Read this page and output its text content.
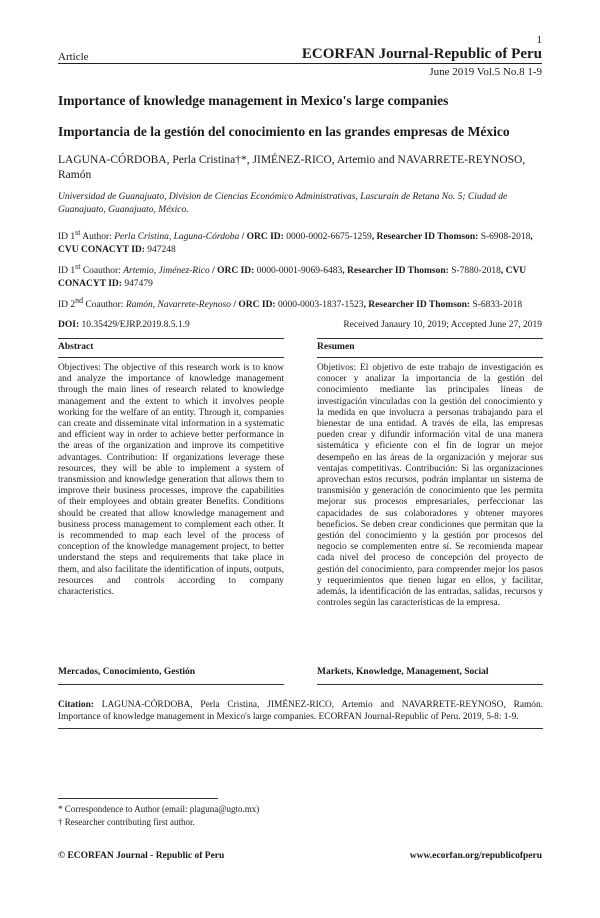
1
Article	ECORFAN Journal-Republic of Peru
June 2019 Vol.5 No.8 1-9
Importance of knowledge management in Mexico's large companies
Importancia de la gestión del conocimiento en las grandes empresas de México
LAGUNA-CÓRDOBA, Perla Cristina†*, JIMÉNEZ-RICO, Artemio and NAVARRETE-REYNOSO, Ramón
Universidad de Guanajuato, Division de Ciencias Económico Administrativas, Lascuraín de Retana No. 5; Ciudad de Guanajuato, Guanajuato, México.
ID 1st Author: Perla Cristina, Laguna-Córdoba / ORC ID: 0000-0002-6675-1259, Researcher ID Thomson: S-6908-2018, CVU CONACYT ID: 947248
ID 1st Coauthor: Artemio, Jiménez-Rico / ORC ID: 0000-0001-9069-6483, Researcher ID Thomson: S-7880-2018, CVU CONACYT ID: 947479
ID 2nd Coauthor: Ramón, Navarrete-Reynoso / ORC ID: 0000-0003-1837-1523, Researcher ID Thomson: S-6833-2018
DOI: 10.35429/EJRP.2019.8.5.1.9	Received Janaury 10, 2019; Accepted June 27, 2019
Abstract	Resumen
Objectives: The objective of this research work is to know and analyze the importance of knowledge management through the main lines of research related to knowledge management and the extent to which it involves people working for the welfare of an entity. Through it, companies can create and disseminate vital information in a systematic and efficient way in order to achieve better performance in the areas of the organization and improve its competitive advantages. Contribution: If organizations leverage these resources, they will be able to implement a system of transmission and knowledge generation that allows them to improve their business processes, improve the capabilities of their employees and obtain greater Benefits. Conditions should be created that allow knowledge management and business process management to complement each other. It is recommended to map each level of the process of conception of the knowledge management project, to better understand the steps and requirements that take place in them, and also facilitate the identification of inputs, outputs, resources and controls according to company characteristics.
Objetivos: El objetivo de este trabajo de investigación es conocer y analizar la importancia de la gestión del conocimiento mediante las principales líneas de investigación vinculadas con la gestión del conocimiento y la medida en que involucra a personas trabajando para el bienestar de una entidad. A través de ella, las empresas pueden crear y difundir información vital de una manera sistemática y eficiente con el fin de lograr un mejor desempeño en las áreas de la organización y mejorar sus ventajas competitivas. Contribución: Si las organizaciones aprovechan estos recursos, podrán implantar un sistema de transmisión y generación de conocimiento que les permita mejorar sus procesos empresariales, perfeccionar las capacidades de sus colaboradores y obtener mayores beneficios. Se deben crear condiciones que permitan que la gestión del conocimiento y la gestión por procesos del negocio se complementen entre sí. Se recomienda mapear cada nivel del proceso de concepción del proyecto de gestión del conocimiento, para comprender mejor los pasos y requerimientos que tienen lugar en ellos, y facilitar, además, la identificación de las entradas, salidas, recursos y controles según las características de la empresa.
Mercados, Conocimiento, Gestión	Markets, Knowledge, Management, Social
Citation: LAGUNA-CÓRDOBA, Perla Cristina, JIMÉNEZ-RICO, Artemio and NAVARRETE-REYNOSO, Ramón. Importance of knowledge management in Mexico's large companies. ECORFAN Journal-Republic of Peru. 2019, 5-8: 1-9.
* Correspondence to Author (email: plaguna@ugto.mx)
† Researcher contributing first author.
© ECORFAN Journal - Republic of Peru	www.ecorfan.org/republicofperu
